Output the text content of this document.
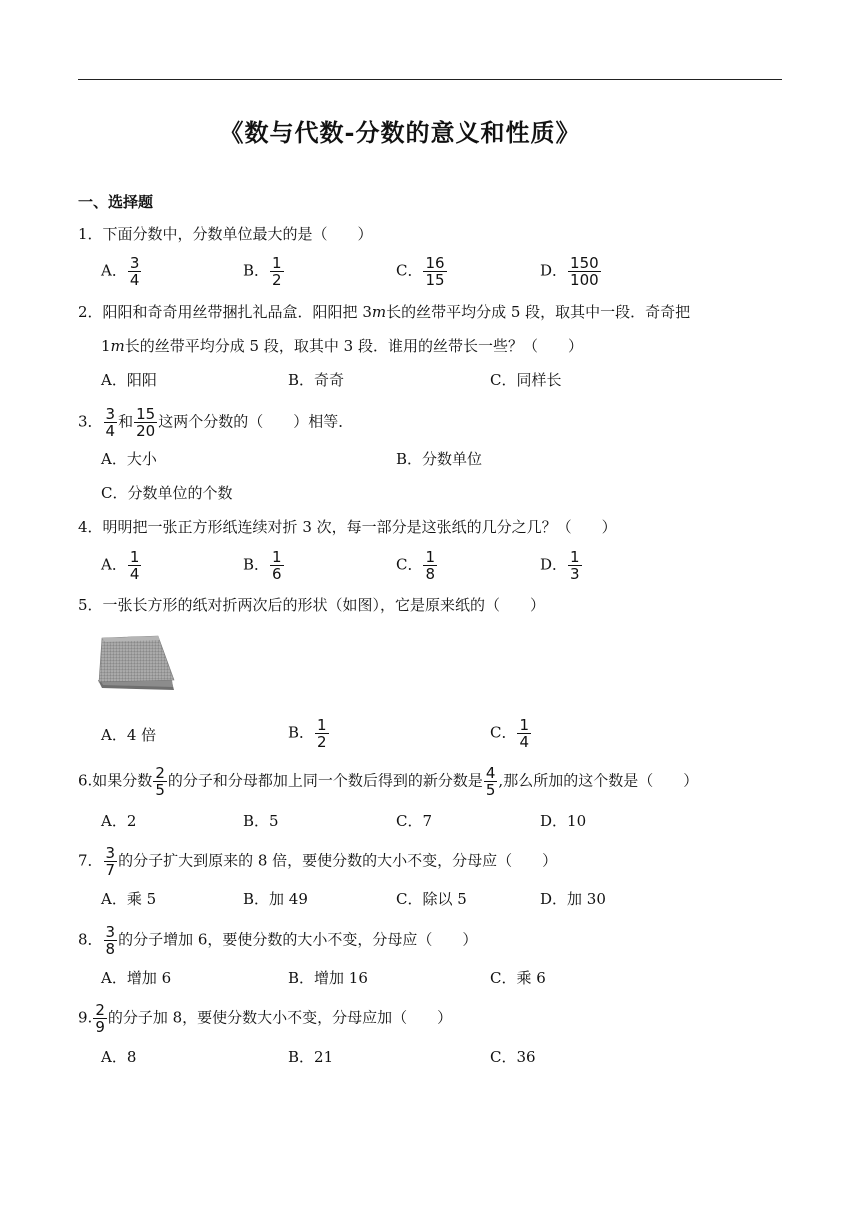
《数与代数-分数的意义和性质》
一、选择题
1．下面分数中，分数单位最大的是（　　）
A． $\frac{3}{4}$	B． $\frac{1}{2}$	C． $\frac{16}{15}$	D． $\frac{150}{100}$
2．阳阳和奇奇用丝带捆扎礼品盒．阳阳把 3m长的丝带平均分成 5 段，取其中一段．奇奇把
1m长的丝带平均分成 5 段，取其中 3 段．谁用的丝带长一些？（　　）
A．阳阳	B．奇奇	C．同样长
3． $\frac{3}{4}$ 和 $\frac{15}{20}$ 这两个分数的（　　）相等．
A．大小	B．分数单位
C．分数单位的个数
4．明明把一张正方形纸连续对折 3 次，每一部分是这张纸的几分之几？（　　）
A． $\frac{1}{4}$	B． $\frac{1}{6}$	C． $\frac{1}{8}$	D． $\frac{1}{3}$
5．一张长方形的纸对折两次后的形状（如图），它是原来纸的（　　）
A．4 倍	B． $\frac{1}{2}$	C． $\frac{1}{4}$
6.如果分数 $\frac{2}{5}$ 的分子和分母都加上同一个数后得到的新分数是 $\frac{4}{5}$ ,那么所加的这个数是（　　）
A．2	B．5	C．7	D．10
7． $\frac{3}{7}$ 的分子扩大到原来的 8 倍，要使分数的大小不变，分母应（　　）
A．乘 5	B．加 49	C．除以 5	D．加 30
8． $\frac{3}{8}$ 的分子增加 6，要使分数的大小不变，分母应（　　）
A．增加 6	B．增加 16	C．乘 6
9. $\frac{2}{9}$ 的分子加 8，要使分数大小不变，分母应加（　　）
A．8	B．21	C．36
